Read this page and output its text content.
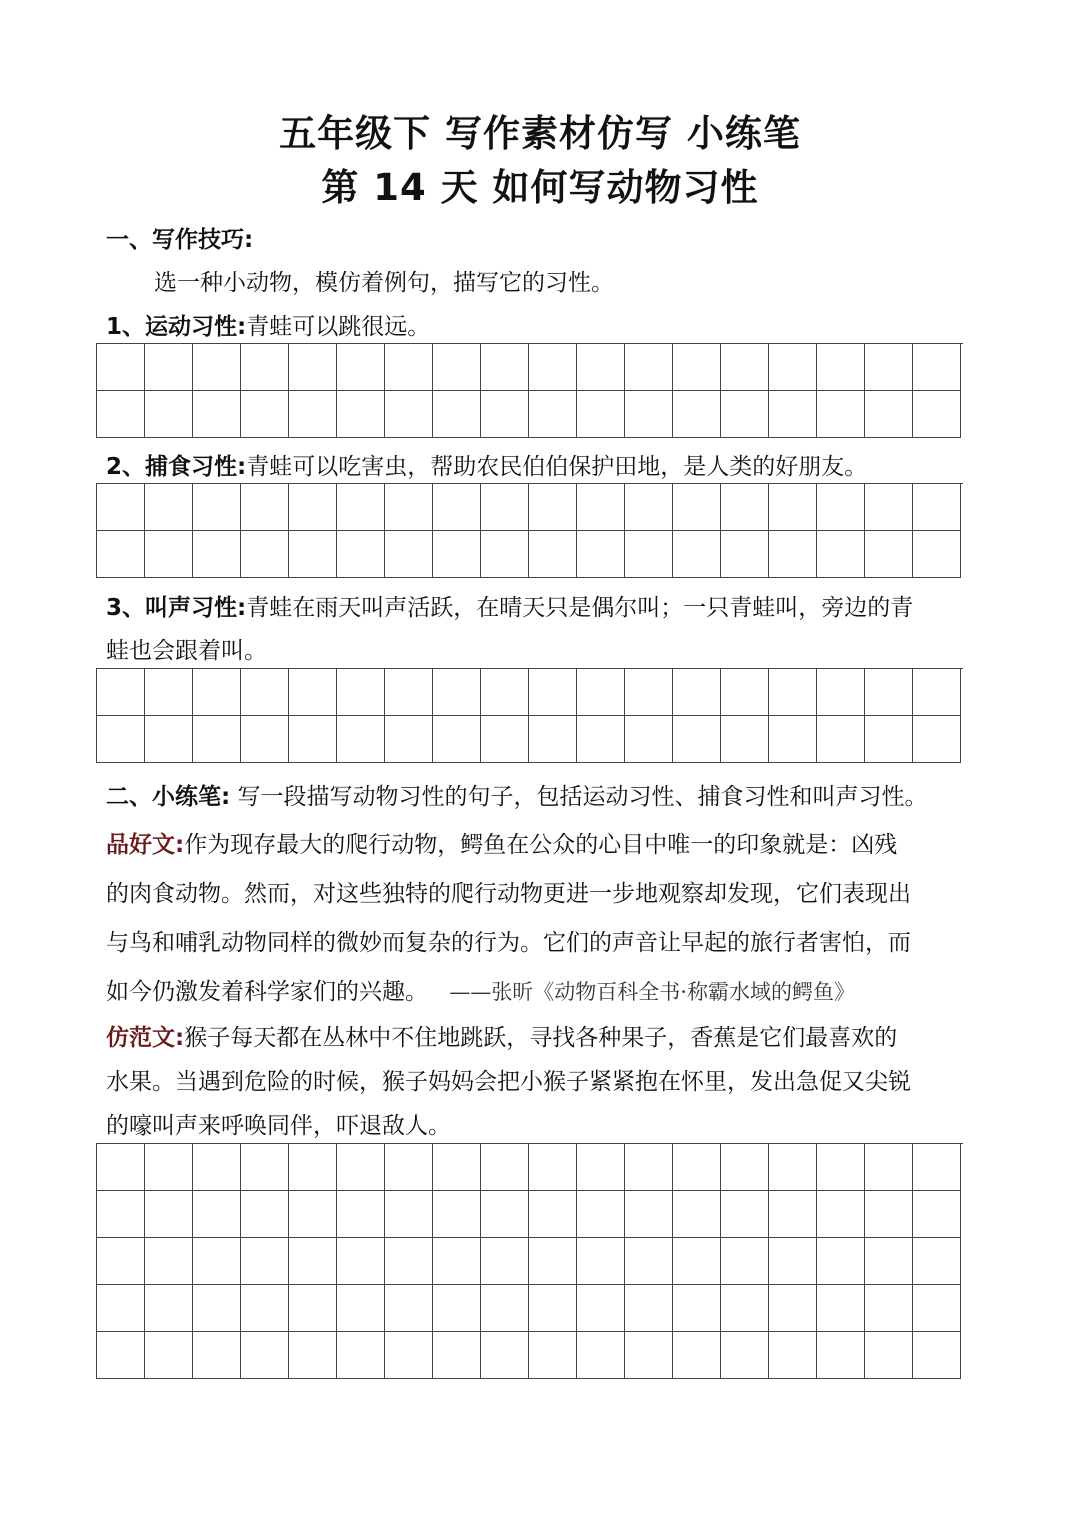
五年级下 写作素材仿写 小练笔
第 14 天 如何写动物习性
一、写作技巧:
选一种小动物，模仿着例句，描写它的习性。
1、运动习性:青蛙可以跳很远。
2、捕食习性:青蛙可以吃害虫，帮助农民伯伯保护田地，是人类的好朋友。
3、叫声习性:青蛙在雨天叫声活跃，在晴天只是偶尔叫；一只青蛙叫，旁边的青
蛙也会跟着叫。
二、小练笔: 写一段描写动物习性的句子，包括运动习性、捕食习性和叫声习性。
品好文:作为现存最大的爬行动物，鳄鱼在公众的心目中唯一的印象就是：凶残
的肉食动物。然而，对这些独特的爬行动物更进一步地观察却发现，它们表现出
与鸟和哺乳动物同样的微妙而复杂的行为。它们的声音让早起的旅行者害怕，而
如今仍激发着科学家们的兴趣。 ——张昕《动物百科全书·称霸水域的鳄鱼》
仿范文:猴子每天都在丛林中不住地跳跃，寻找各种果子，香蕉是它们最喜欢的
水果。当遇到危险的时候，猴子妈妈会把小猴子紧紧抱在怀里，发出急促又尖锐
的嚎叫声来呼唤同伴，吓退敌人。
